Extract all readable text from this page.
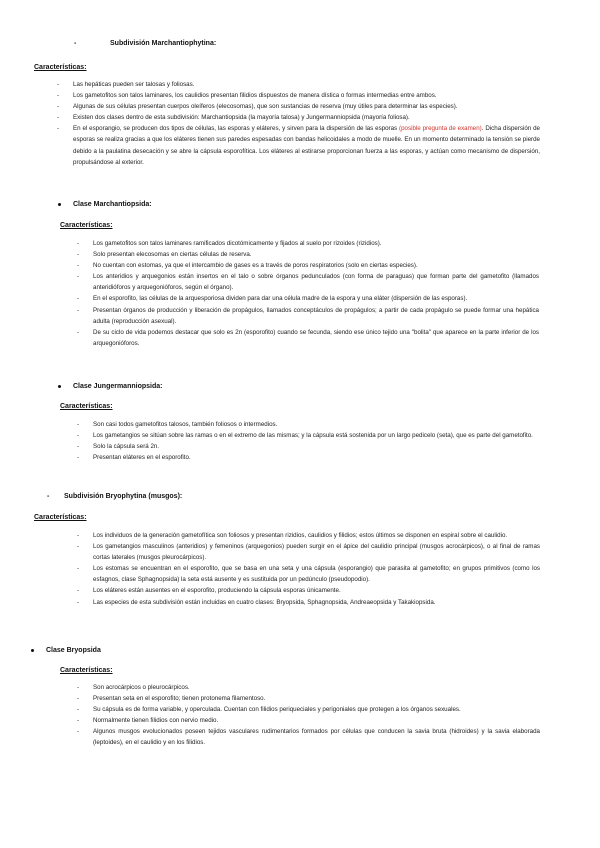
-	Subdivisión Marchantiophytina:
Características:
- Las hepáticas pueden ser talosas y foliosas.
- Los gametofitos son talos laminares, los caulidios presentan filidios dispuestos de manera dística o formas intermedias entre ambos.
- Algunas de sus células presentan cuerpos oleíferos (elecosomas), que son sustancias de reserva (muy útiles para determinar las especies).
- Existen dos clases dentro de esta subdivisión: Marchantiopsida (la mayoría talosa) y Jungermanniopsida (mayoría foliosa).
- En el esporangio, se producen dos tipos de células, las esporas y eláteres, y sirven para la dispersión de las esporas (posible pregunta de examen). Dicha dispersión de esporas se realiza gracias a que los eláteres tienen sus paredes espesadas con bandas helicoidales a modo de muelle. En un momento determinado la tensión se pierde debido a la paulatina desecación y se abre la cápsula esporofítica. Los eláteres al estirarse proporcionan fuerza a las esporas, y actúan como mecanismo de dispersión, propulsándose al exterior.
Clase Marchantiopsida:
Características:
- Los gametofitos son talos laminares ramificados dicotómicamente y fijados al suelo por rizoides (rizidios).
- Solo presentan elecosomas en ciertas células de reserva.
- No cuentan con estomas, ya que el intercambio de gases es a través de poros respiratorios (solo en ciertas especies).
- Los anteridios y arquegonios están insertos en el talo o sobre órganos pedunculados (con forma de paraguas) que forman parte del gametofito (llamados anteridióforos y arquegonióforos, según el órgano).
- En el esporofito, las células de la arquesporiosa dividen para dar una célula madre de la espora y una eláter (dispersión de las esporas).
- Presentan órganos de producción y liberación de propágulos, llamados conceptáculos de propágulos; a partir de cada propágulo se puede formar una hepática adulta (reproducción asexual).
- De su ciclo de vida podemos destacar que solo es 2n (esporofito) cuando se fecunda, siendo ese único tejido una "bolita" que aparece en la parte inferior de los arquegonióforos.
Clase Jungermanniopsida:
Características:
- Son casi todos gametofitos talosos, también foliosos o intermedios.
- Los gametangios se sitúan sobre las ramas o en el extremo de las mismas; y la cápsula está sostenida por un largo pedicelo (seta), que es parte del gametofito.
- Solo la cápsula será 2n.
- Presentan eláteres en el esporofito.
- Subdivisión Bryophytina (musgos):
Características:
- Los individuos de la generación gametofítica son foliosos y presentan rizidios, caulidios y filidios; estos últimos se disponen en espiral sobre el caulidio.
- Los gametangios masculinos (anteridios) y femeninos (arquegonios) pueden surgir en el ápice del caulidio principal (musgos acrocárpicos), o al final de ramas cortas laterales (musgos pleurocárpicos).
- Los estomas se encuentran en el esporofito, que se basa en una seta y una cápsula (esporangio) que parasita al gametofito; en grupos primitivos (como los esfagnos, clase Sphagnopsida) la seta está ausente y es sustituida por un pedúnculo (pseudopodio).
- Los eláteres están ausentes en el esporofito, produciendo la cápsula esporas únicamente.
- Las especies de esta subdivisión están incluidas en cuatro clases: Bryopsida, Sphagnopsida, Andreaeopsida y Takakiopsida.
Clase Bryopsida
Características:
- Son acrocárpicos o pleurocárpicos.
- Presentan seta en el esporofito; tienen protonema filamentoso.
- Su cápsula es de forma variable, y operculada. Cuentan con filidios periqueciales y perigoniales que protegen a los órganos sexuales.
- Normalmente tienen filidios con nervio medio.
- Algunos musgos evolucionados poseen tejidos vasculares rudimentarios formados por células que conducen la savia bruta (hidroides) y la savia elaborada (leptoides), en el caulidio y en los filidios.
